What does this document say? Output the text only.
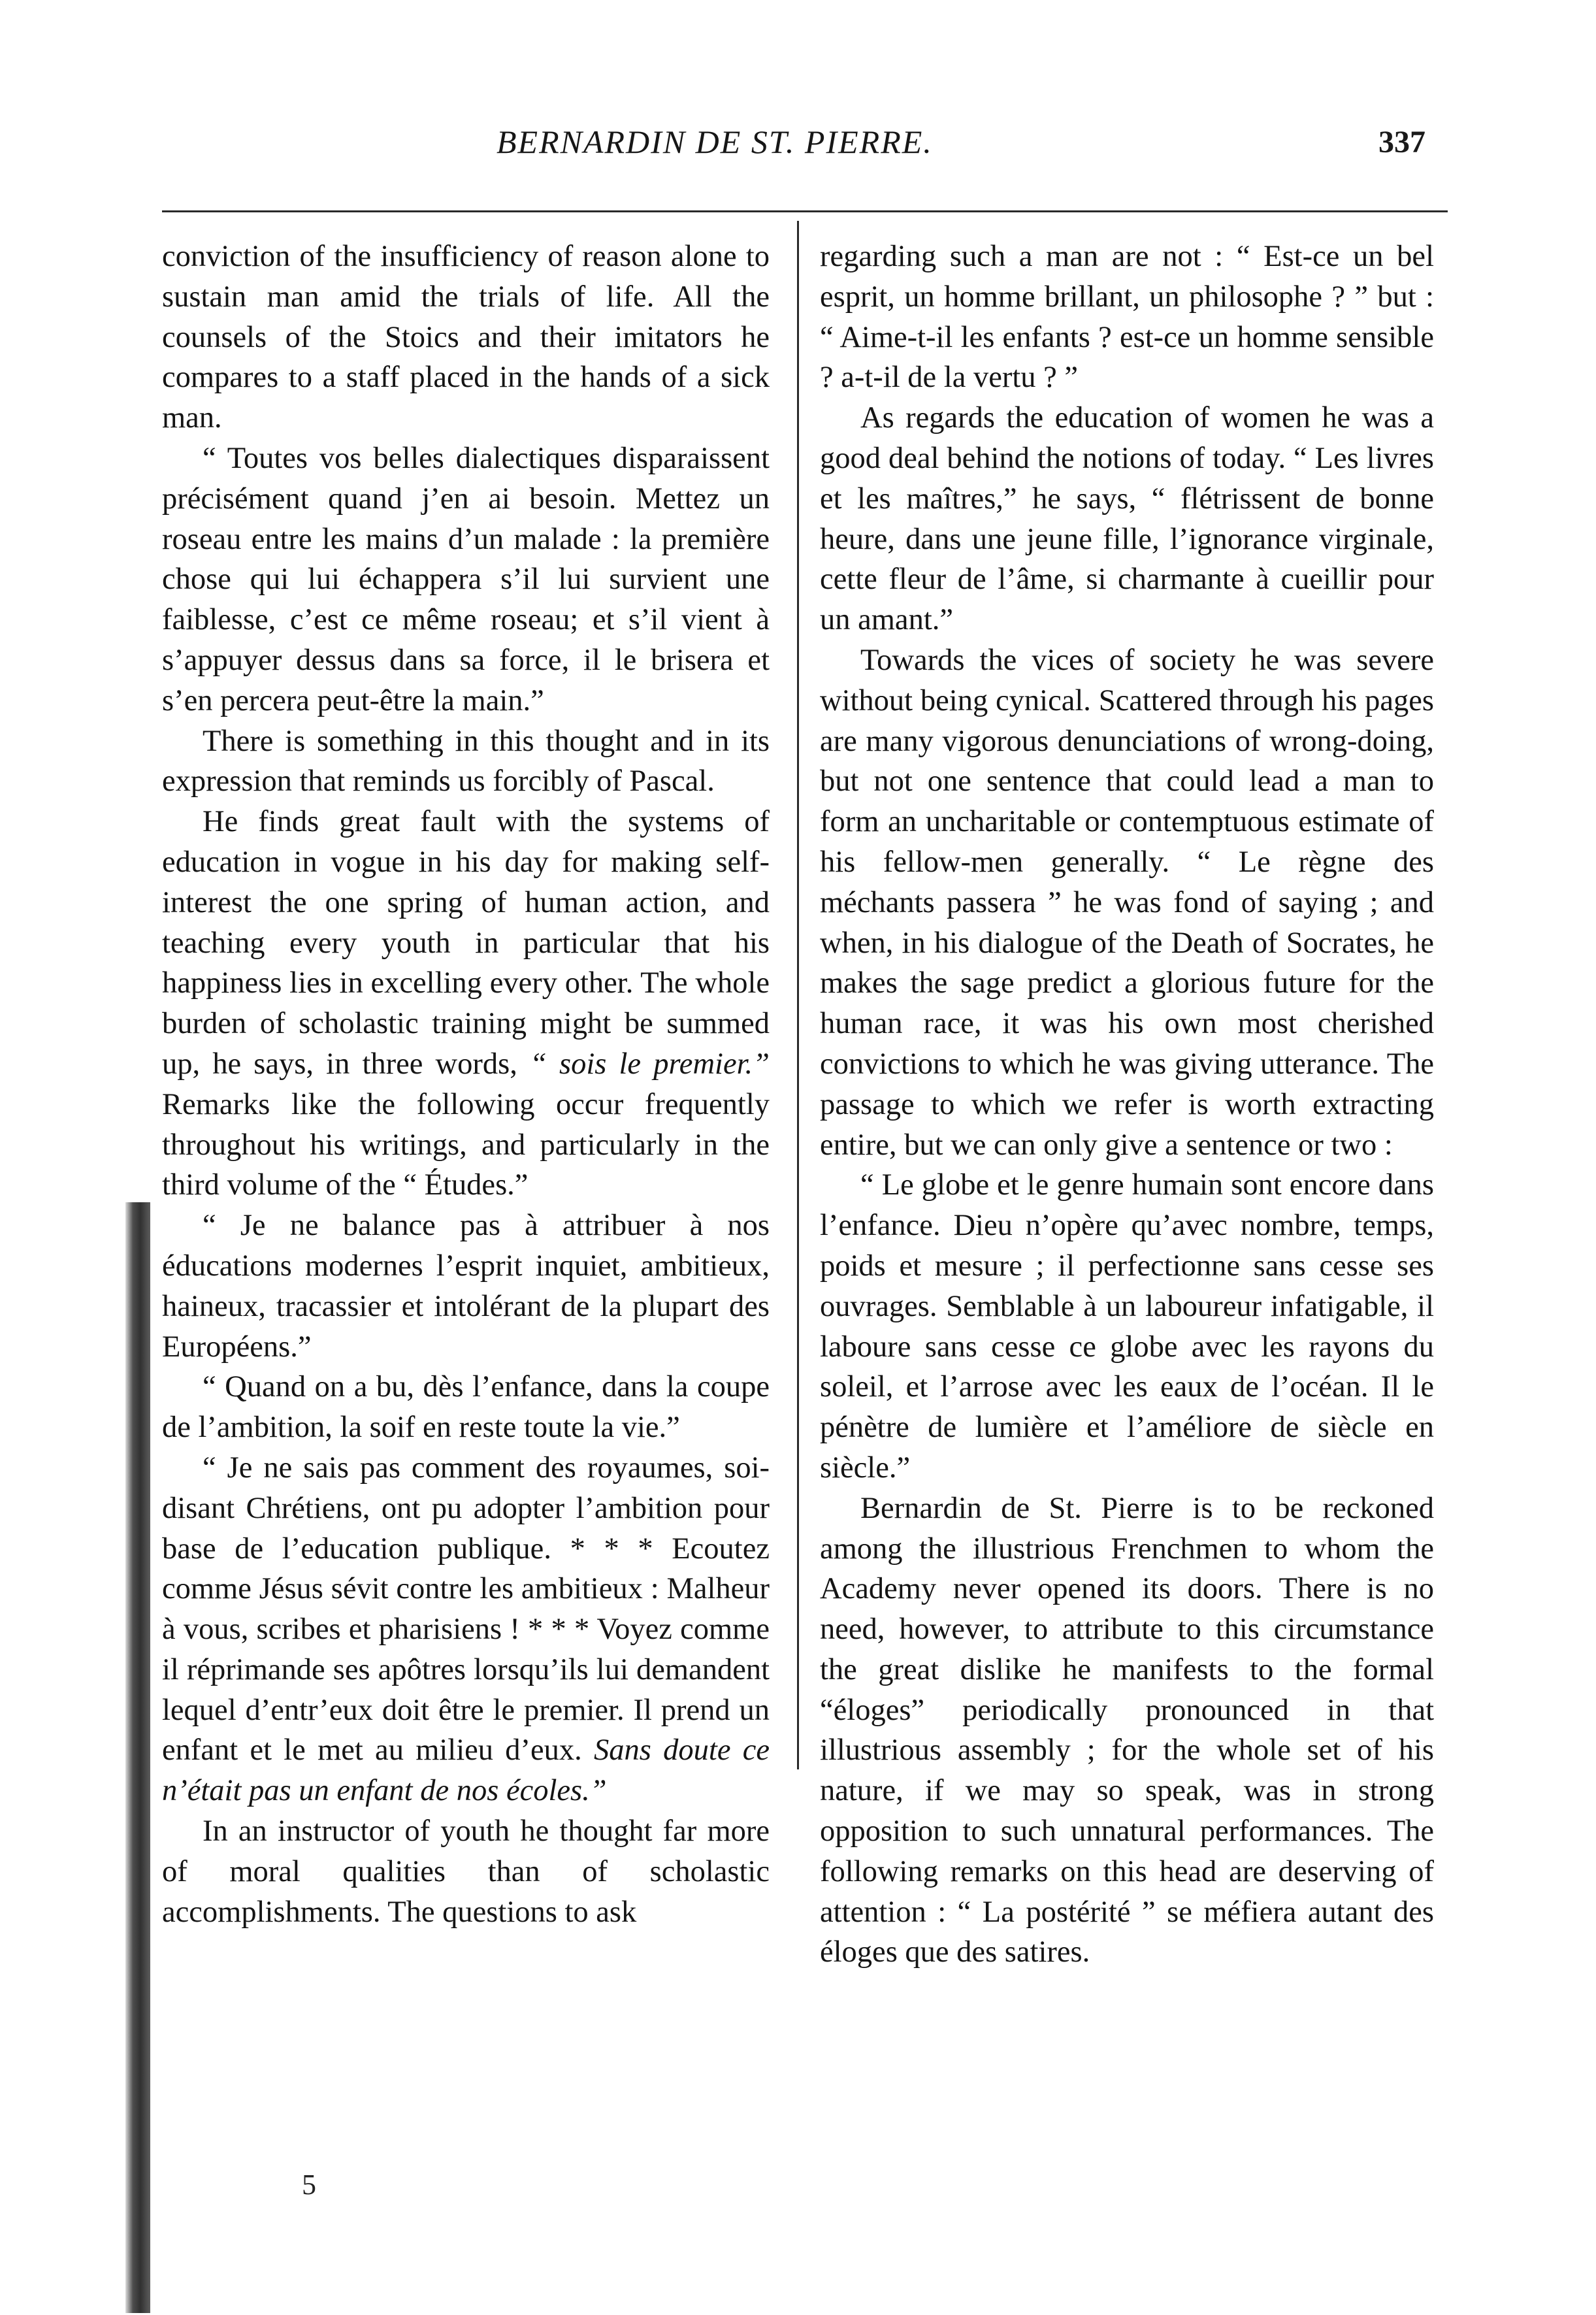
BERNARDIN DE ST. PIERRE.	337

conviction of the insufficiency of reason alone to sustain man amid the trials of life. All the counsels of the Stoics and their imitators he compares to a staff placed in the hands of a sick man.

“ Toutes vos belles dialectiques disparaissent précisément quand j’en ai besoin. Mettez un roseau entre les mains d’un malade : la première chose qui lui échappera s’il lui survient une faiblesse, c’est ce même roseau; et s’il vient à s’appuyer dessus dans sa force, il le brisera et s’en percera peut-être la main.”

There is something in this thought and in its expression that reminds us forcibly of Pascal.

He finds great fault with the systems of education in vogue in his day for making self-interest the one spring of human action, and teaching every youth in particular that his happiness lies in excelling every other. The whole burden of scholastic training might be summed up, he says, in three words, “ sois le premier.” Remarks like the following occur frequently throughout his writings, and particularly in the third volume of the “ Études.”

“ Je ne balance pas à attribuer à nos éducations modernes l’esprit inquiet, ambitieux, haineux, tracassier et intolérant de la plupart des Européens.”

“ Quand on a bu, dès l’enfance, dans la coupe de l’ambition, la soif en reste toute la vie.”

“ Je ne sais pas comment des royaumes, soi-disant Chrétiens, ont pu adopter l’ambition pour base de l’education publique. * * * Ecoutez comme Jésus sévit contre les ambitieux : Malheur à vous, scribes et pharisiens ! * * * Voyez comme il réprimande ses apôtres lorsqu’ils lui demandent lequel d’entr’eux doit être le premier. Il prend un enfant et le met au milieu d’eux. Sans doute ce n’était pas un enfant de nos écoles.”

In an instructor of youth he thought far more of moral qualities than of scholastic accomplishments. The questions to ask

regarding such a man are not : “ Est-ce un bel esprit, un homme brillant, un philosophe ? ” but : “ Aime-t-il les enfants ? est-ce un homme sensible ? a-t-il de la vertu ? ”

As regards the education of women he was a good deal behind the notions of today. “ Les livres et les maîtres,” he says, “ flétrissent de bonne heure, dans une jeune fille, l’ignorance virginale, cette fleur de l’âme, si charmante à cueillir pour un amant.”

Towards the vices of society he was severe without being cynical. Scattered through his pages are many vigorous denunciations of wrong-doing, but not one sentence that could lead a man to form an uncharitable or contemptuous estimate of his fellow-men generally. “ Le règne des méchants passera ” he was fond of saying ; and when, in his dialogue of the Death of Socrates, he makes the sage predict a glorious future for the human race, it was his own most cherished convictions to which he was giving utterance. The passage to which we refer is worth extracting entire, but we can only give a sentence or two :

“ Le globe et le genre humain sont encore dans l’enfance. Dieu n’opère qu’avec nombre, temps, poids et mesure ; il perfectionne sans cesse ses ouvrages. Semblable à un laboureur infatigable, il laboure sans cesse ce globe avec les rayons du soleil, et l’arrose avec les eaux de l’océan. Il le pénètre de lumière et l’améliore de siècle en siècle.”

Bernardin de St. Pierre is to be reckoned among the illustrious Frenchmen to whom the Academy never opened its doors. There is no need, however, to attribute to this circumstance the great dislike he manifests to the formal “éloges” periodically pronounced in that illustrious assembly ; for the whole set of his nature, if we may so speak, was in strong opposition to such unnatural performances. The following remarks on this head are deserving of attention : “ La postérité ” se méfiera autant des éloges que des satires.

5
